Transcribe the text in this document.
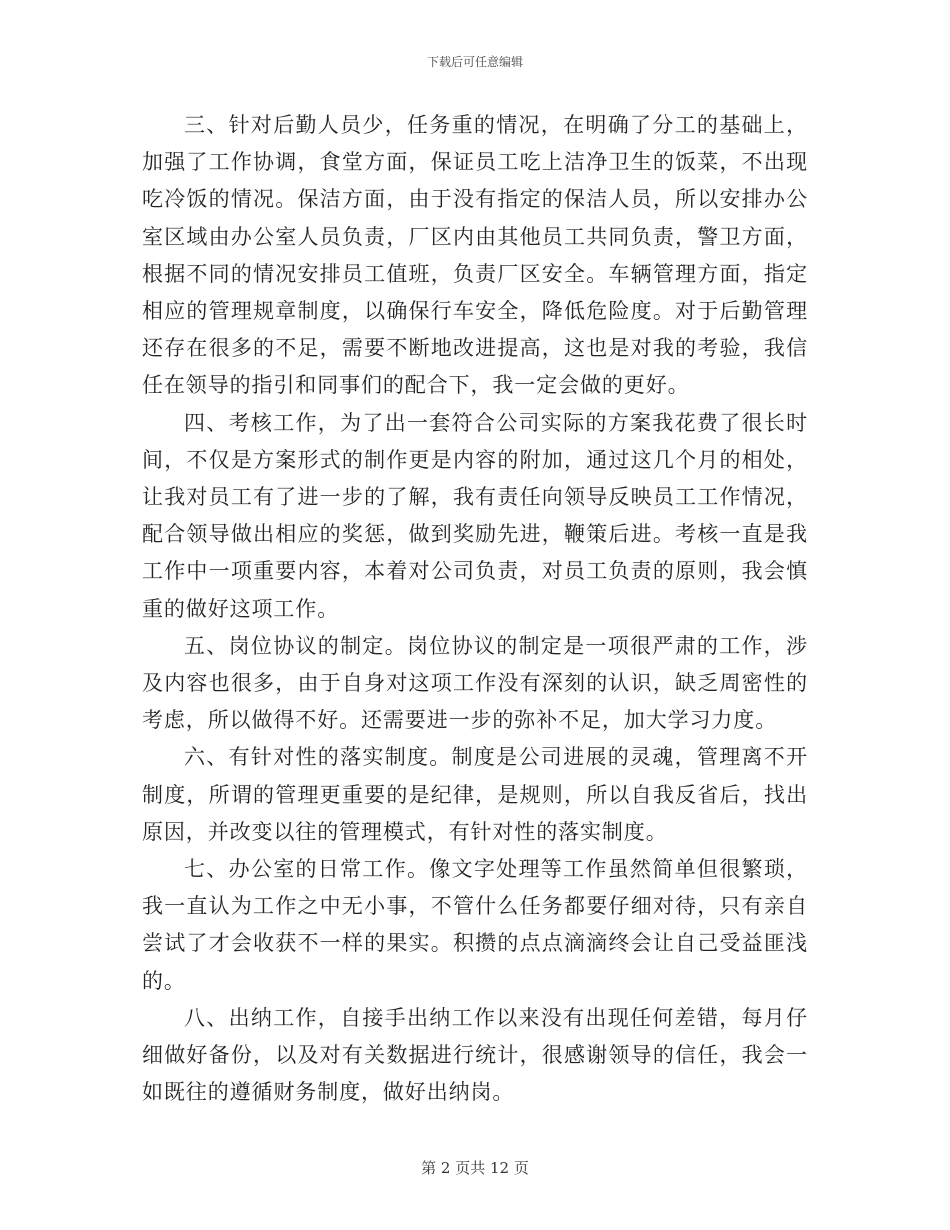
下载后可任意编辑

三、针对后勤人员少，任务重的情况，在明确了分工的基础上，加强了工作协调，食堂方面，保证员工吃上洁净卫生的饭菜，不出现吃冷饭的情况。保洁方面，由于没有指定的保洁人员，所以安排办公室区域由办公室人员负责，厂区内由其他员工共同负责，警卫方面，根据不同的情况安排员工值班，负责厂区安全。车辆管理方面，指定相应的管理规章制度，以确保行车安全，降低危险度。对于后勤管理还存在很多的不足，需要不断地改进提高，这也是对我的考验，我信任在领导的指引和同事们的配合下，我一定会做的更好。

四、考核工作，为了出一套符合公司实际的方案我花费了很长时间，不仅是方案形式的制作更是内容的附加，通过这几个月的相处，让我对员工有了进一步的了解，我有责任向领导反映员工工作情况，配合领导做出相应的奖惩，做到奖励先进，鞭策后进。考核一直是我工作中一项重要内容，本着对公司负责，对员工负责的原则，我会慎重的做好这项工作。

五、岗位协议的制定。岗位协议的制定是一项很严肃的工作，涉及内容也很多，由于自身对这项工作没有深刻的认识，缺乏周密性的考虑，所以做得不好。还需要进一步的弥补不足，加大学习力度。

六、有针对性的落实制度。制度是公司进展的灵魂，管理离不开制度，所谓的管理更重要的是纪律，是规则，所以自我反省后，找出原因，并改变以往的管理模式，有针对性的落实制度。

七、办公室的日常工作。像文字处理等工作虽然简单但很繁琐，我一直认为工作之中无小事，不管什么任务都要仔细对待，只有亲自尝试了才会收获不一样的果实。积攒的点点滴滴终会让自己受益匪浅的。

八、出纳工作，自接手出纳工作以来没有出现任何差错，每月仔细做好备份，以及对有关数据进行统计，很感谢领导的信任，我会一如既往的遵循财务制度，做好出纳岗。

第 2 页共 12 页
